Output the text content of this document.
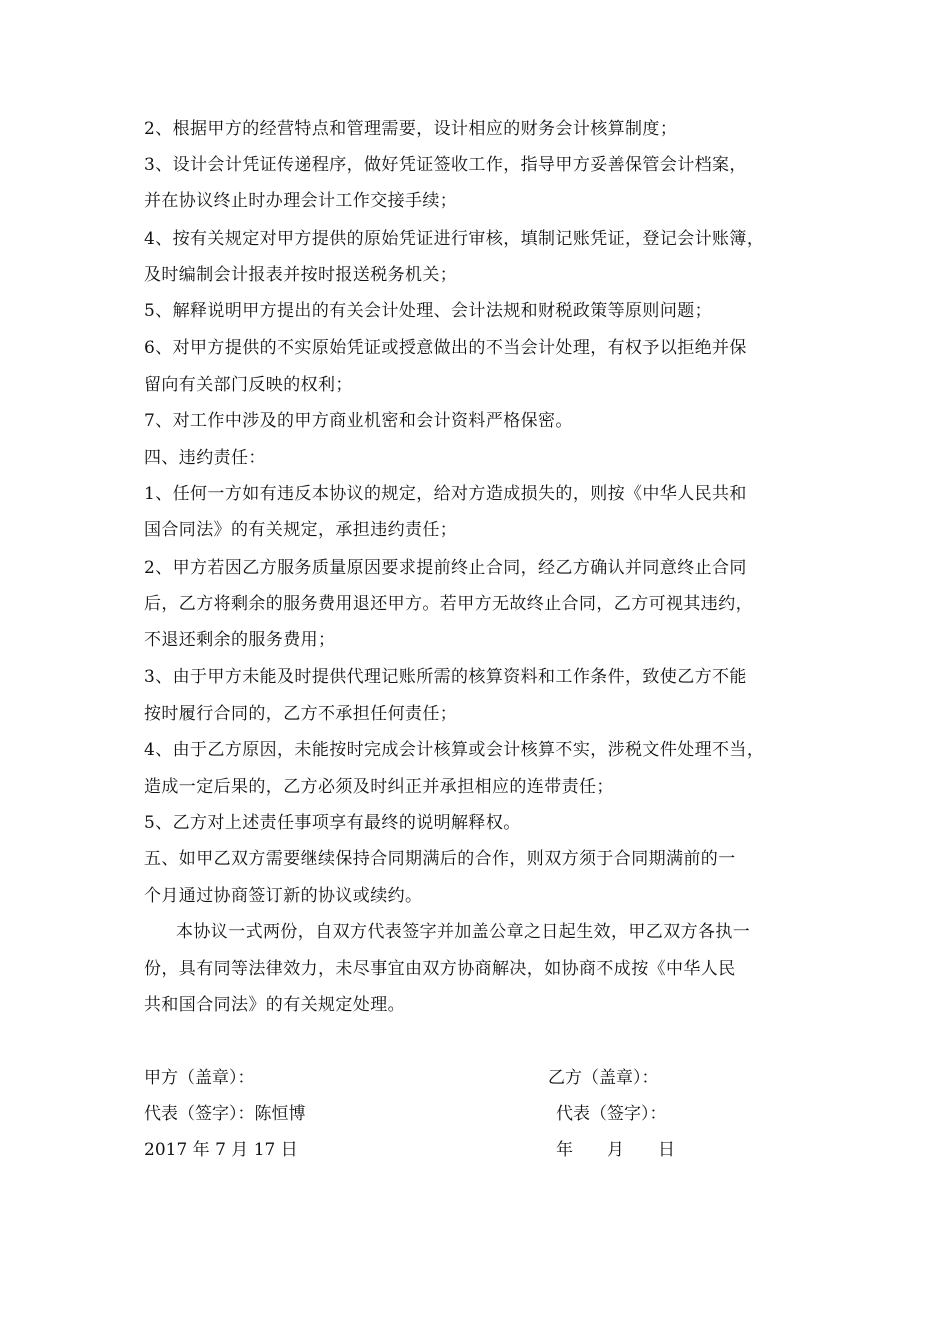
2、根据甲方的经营特点和管理需要，设计相应的财务会计核算制度；
3、设计会计凭证传递程序，做好凭证签收工作，指导甲方妥善保管会计档案，
并在协议终止时办理会计工作交接手续；
4、按有关规定对甲方提供的原始凭证进行审核，填制记账凭证，登记会计账簿，
及时编制会计报表并按时报送税务机关；
5、解释说明甲方提出的有关会计处理、会计法规和财税政策等原则问题；
6、对甲方提供的不实原始凭证或授意做出的不当会计处理，有权予以拒绝并保
留向有关部门反映的权利；
7、对工作中涉及的甲方商业机密和会计资料严格保密。
四、违约责任：
1、任何一方如有违反本协议的规定，给对方造成损失的，则按《中华人民共和
国合同法》的有关规定，承担违约责任；
2、甲方若因乙方服务质量原因要求提前终止合同，经乙方确认并同意终止合同
后，乙方将剩余的服务费用退还甲方。若甲方无故终止合同，乙方可视其违约，
不退还剩余的服务费用；
3、由于甲方未能及时提供代理记账所需的核算资料和工作条件，致使乙方不能
按时履行合同的，乙方不承担任何责任；
4、由于乙方原因，未能按时完成会计核算或会计核算不实，涉税文件处理不当，
造成一定后果的，乙方必须及时纠正并承担相应的连带责任；
5、乙方对上述责任事项享有最终的说明解释权。
五、如甲乙双方需要继续保持合同期满后的合作，则双方须于合同期满前的一
个月通过协商签订新的协议或续约。
本协议一式两份，自双方代表签字并加盖公章之日起生效，甲乙双方各执一
份，具有同等法律效力，未尽事宜由双方协商解决，如协商不成按《中华人民
共和国合同法》的有关规定处理。
甲方（盖章）：	乙方（盖章）：
代表（签字）：陈恒博	代表（签字）：
2017 年 7 月 17 日	年　　月　　日
